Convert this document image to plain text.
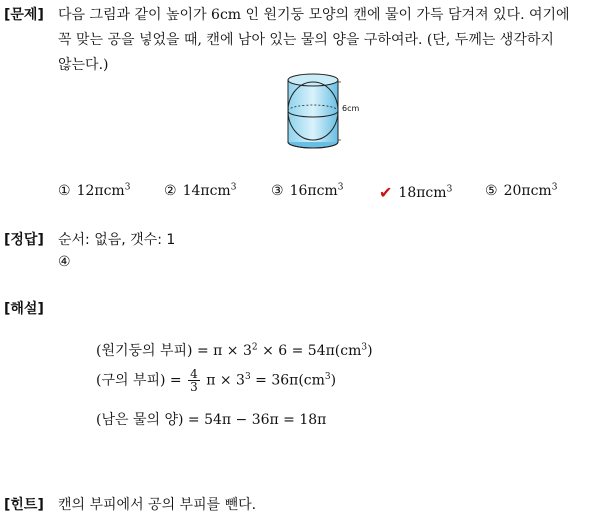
[문제] 다음 그림과 같이 높이가 6cm 인 원기둥 모양의 캔에 물이 가득 담겨져 있다. 여기에
꼭 맞는 공을 넣었을 때, 캔에 남아 있는 물의 양을 구하여라. (단, 두께는 생각하지
않는다.)
6cm
① 12πcm$^3$ ② 14πcm$^3$ ③ 16πcm$^3$ ✔ 18πcm$^3$ ⑤ 20πcm$^3$
[정답] 순서: 없음, 갯수: 1
④
[해설]
(원기둥의 부피) = $\pi \times 3^2 \times 6 = 54\pi(cm^3)$
(구의 부피) = $\frac{4}{3}$ $\pi \times 3^3 = 36\pi(cm^3)$
(남은 물의 양) = 54π − 36π = 18π
[힌트] 캔의 부피에서 공의 부피를 뺀다.
